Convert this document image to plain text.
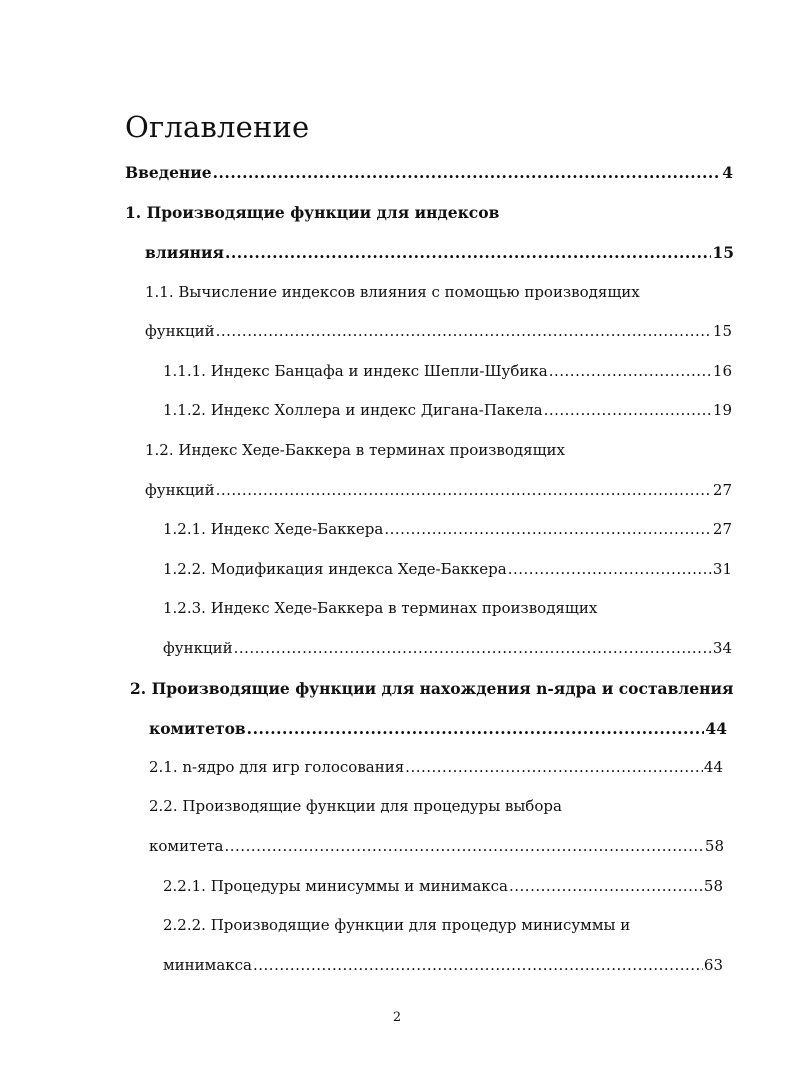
Оглавление
Введение .....	4
1. Производящие функции для индексов
влияния .....	15
1.1. Вычисление индексов влияния с помощью производящих
функций .....	15
1.1.1. Индекс Банцафа и индекс Шепли-Шубика .....	16
1.1.2. Индекс Холлера и индекс Дигана-Пакела .....	19
1.2. Индекс Хеде-Баккера в терминах производящих
функций .....	27
1.2.1. Индекс Хеде-Баккера .....	27
1.2.2. Модификация индекса Хеде-Баккера .....	31
1.2.3. Индекс Хеде-Баккера в терминах производящих
функций .....	34
2. Производящие функции для нахождения n-ядра и составления
комитетов .....	44
2.1. n-ядро для игр голосования .....	44
2.2. Производящие функции для процедуры выбора
комитета .....	58
2.2.1. Процедуры минисуммы и минимакса .....	58
2.2.2. Производящие функции для процедур минисуммы и
минимакса .....	63
2
